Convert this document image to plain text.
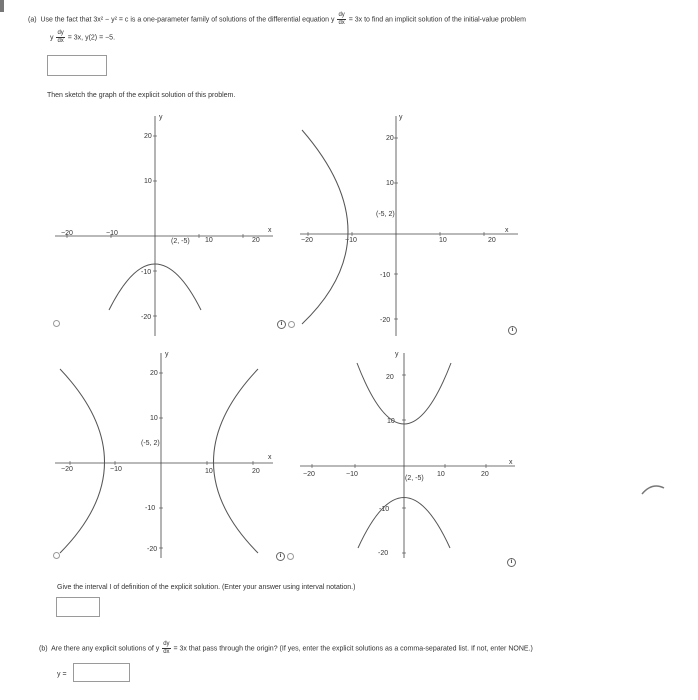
(a) Use the fact that 3x² − y² = c is a one-parameter family of solutions of the differential equation y $\frac{dy}{dx} = 3x$ to find an implicit solution of the initial-value problem
y $\frac{dy}{dx} = 3x$, y(2) = −5.
Then sketch the graph of the explicit solution of this problem.
x
y
−20	−10
10	20
20
10
-10
-20
(2, -5)
x
y
−20	−10	10	20
20
10
-10
-20
(-5, 2)
i
i
x
y
−20	−10	10	20
20
10
-10
-20
(-5, 2)
x
y
−20	−10	10	20
20
10
-10
-20
(2, -5)
i
i
Give the interval I of definition of the explicit solution. (Enter your answer using interval notation.)
(b) Are there any explicit solutions of y $\frac{dy}{dx} = 3x$ that pass through the origin? (If yes, enter the explicit solutions as a comma-separated list. If not, enter NONE.)
y =
